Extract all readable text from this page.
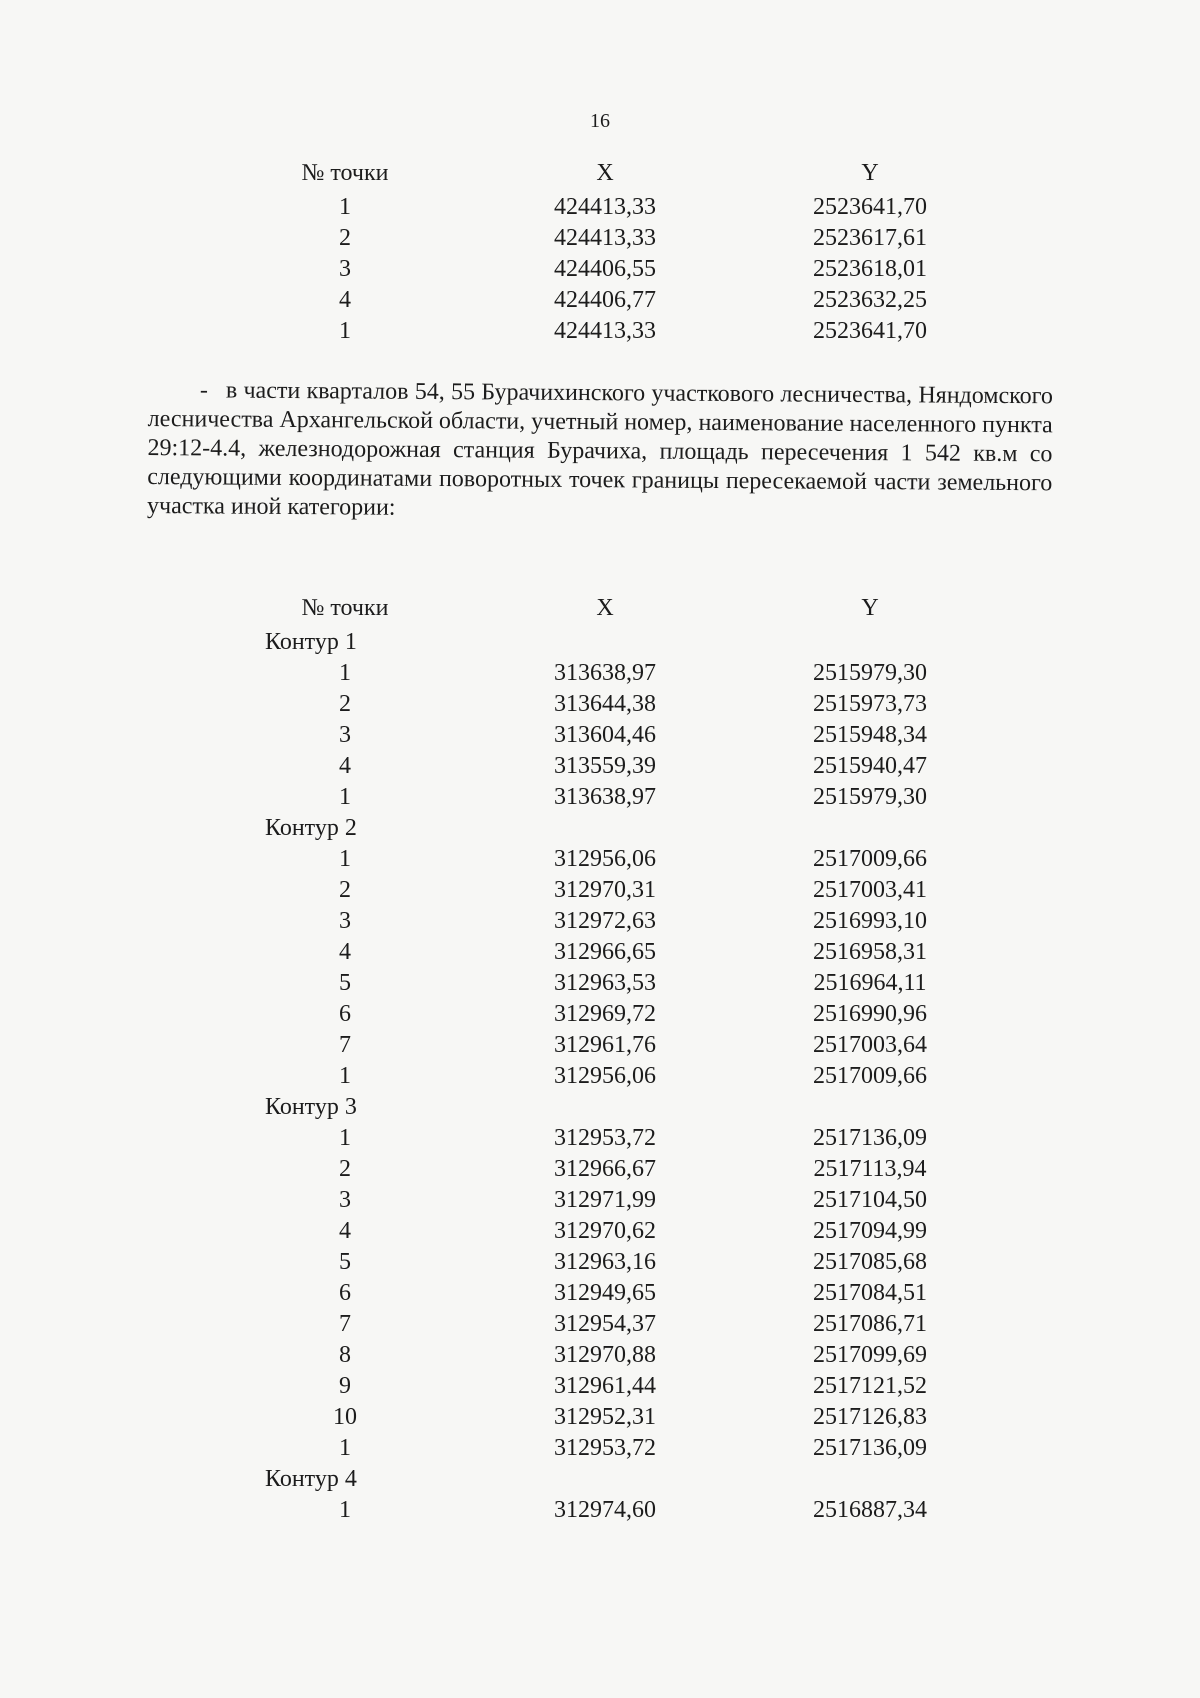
16
№ точки	X	Y
1	424413,33	2523641,70
2	424413,33	2523617,61
3	424406,55	2523618,01
4	424406,77	2523632,25
1	424413,33	2523641,70
- в части кварталов 54, 55 Бурачихинского участкового лесничества, Няндомского лесничества Архангельской области, учетный номер, наименование населенного пункта 29:12-4.4, железнодорожная станция Бурачиха, площадь пересечения 1 542 кв.м со следующими координатами поворотных точек границы пересекаемой части земельного участка иной категории:
№ точки	X	Y
Контур 1
1	313638,97	2515979,30
2	313644,38	2515973,73
3	313604,46	2515948,34
4	313559,39	2515940,47
1	313638,97	2515979,30
Контур 2
1	312956,06	2517009,66
2	312970,31	2517003,41
3	312972,63	2516993,10
4	312966,65	2516958,31
5	312963,53	2516964,11
6	312969,72	2516990,96
7	312961,76	2517003,64
1	312956,06	2517009,66
Контур 3
1	312953,72	2517136,09
2	312966,67	2517113,94
3	312971,99	2517104,50
4	312970,62	2517094,99
5	312963,16	2517085,68
6	312949,65	2517084,51
7	312954,37	2517086,71
8	312970,88	2517099,69
9	312961,44	2517121,52
10	312952,31	2517126,83
1	312953,72	2517136,09
Контур 4
1	312974,60	2516887,34
